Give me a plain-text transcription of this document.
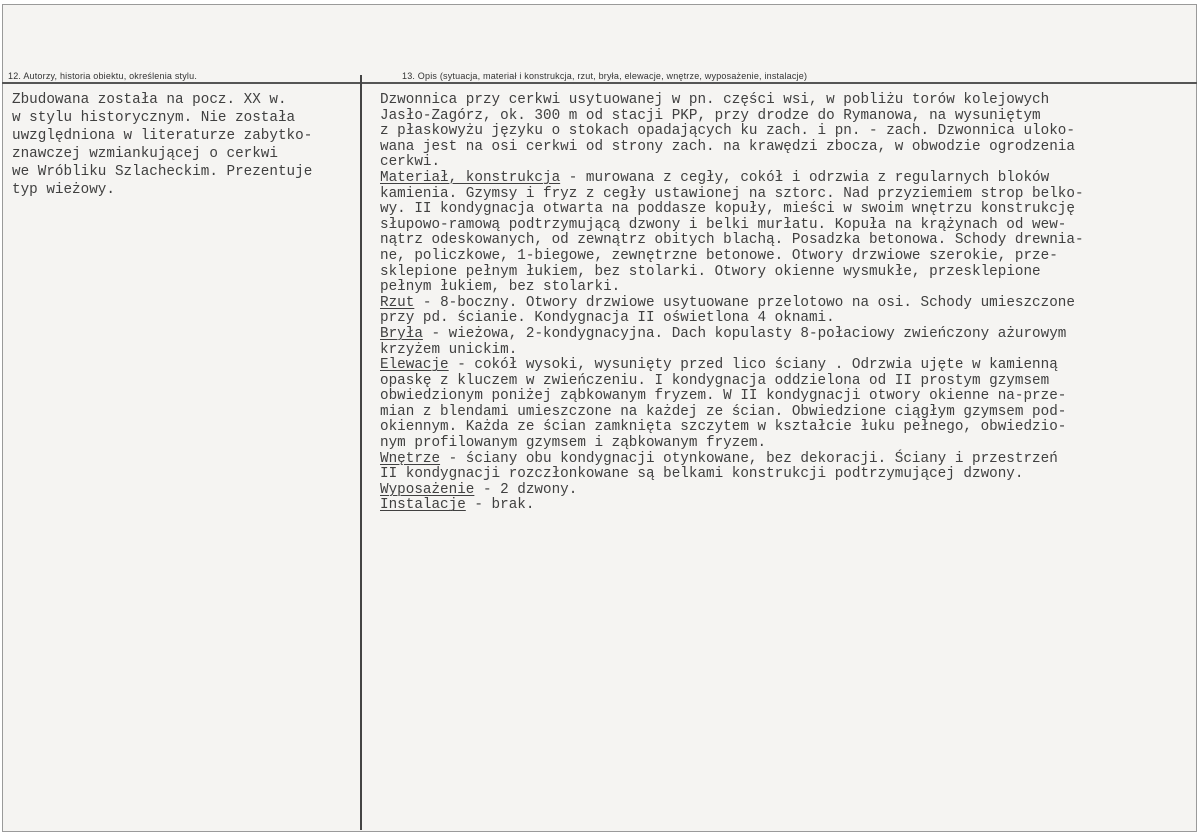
12. Autorzy, historia obiektu, określenia stylu.	13. Opis (sytuacja, materiał i konstrukcja, rzut, bryła, elewacje, wnętrze, wyposażenie, instalacje)
Zbudowana została na pocz. XX w.
w stylu historycznym. Nie została
uwzględniona w literaturze zabytko-
znawczej wzmiankującej o cerkwi
we Wróbliku Szlacheckim. Prezentuje
typ wieżowy.
Dzwonnica przy cerkwi usytuowanej w pn. części wsi, w pobliżu torów kolejowych
Jasło-Zagórz, ok. 300 m od stacji PKP, przy drodze do Rymanowa, na wysuniętym
z płaskowyżu języku o stokach opadających ku zach. i pn. - zach. Dzwonnica ulоko-
wana jest na osi cerkwi od strony zach. na krawędzi zbocza, w obwodzie ogrodzenia
cerkwi.
Materiał, konstrukcja - murowana z cegły, cokół i odrzwia z regularnych bloków
kamienia. Gzymsy i fryz z cegły ustawionej na sztorc. Nad przyziemiem strop belko-
wy. II kondygnacja otwarta na poddasze kopuły, mieści w swoim wnętrzu konstrukcję
słupowo-ramową podtrzymującą dzwony i belki murłatu. Kopuła na krążynach od wew-
nątrz odeskowanych, od zewnątrz obitych blachą. Posadzka betonowa. Schody drewnia-
ne, policzkowe, 1-biegowe, zewnętrzne betonowe. Otwory drzwiowe szerokie, prze-
sklepione pełnym łukiem, bez stolarki. Otwory okienne wysmukłe, przesklepione
pełnym łukiem, bez stolarki.
Rzut - 8-boczny. Otwory drzwiowe usytuowane przelotowo na osi. Schody umieszczone
przy pd. ścianie. Kondygnacja II oświetlona 4 oknami.
Bryła - wieżowa, 2-kondygnacyjna. Dach kopulasty 8-połaciowy zwieńczony ażurowym
krzyżem unickim.
Elewacje - cokół wysoki, wysunięty przed lico ściany . Odrzwia ujęte w kamienną
opaskę z kluczem w zwieńczeniu. I kondygnacja oddzielona od II prostym gzymsem
obwiedzionym poniżej ząbkowanym fryzem. W II kondygnacji otwory okienne na-prze-
mian z blendami umieszczone na każdej ze ścian. Obwiedzione ciągłym gzymsem pod-
okiennym. Każda ze ścian zamknięta szczytem w kształcie łuku pełnego, obwiedzio-
nym profilowanym gzymsem i ząbkowanym fryzem.
Wnętrze - ściany obu kondygnacji otynkowane, bez dekoracji. Ściany i przestrzeń
II kondygnacji rozczłonkowane są belkami konstrukcji podtrzymującej dzwony.
Wyposażenie - 2 dzwony.
Instalacje - brak.
